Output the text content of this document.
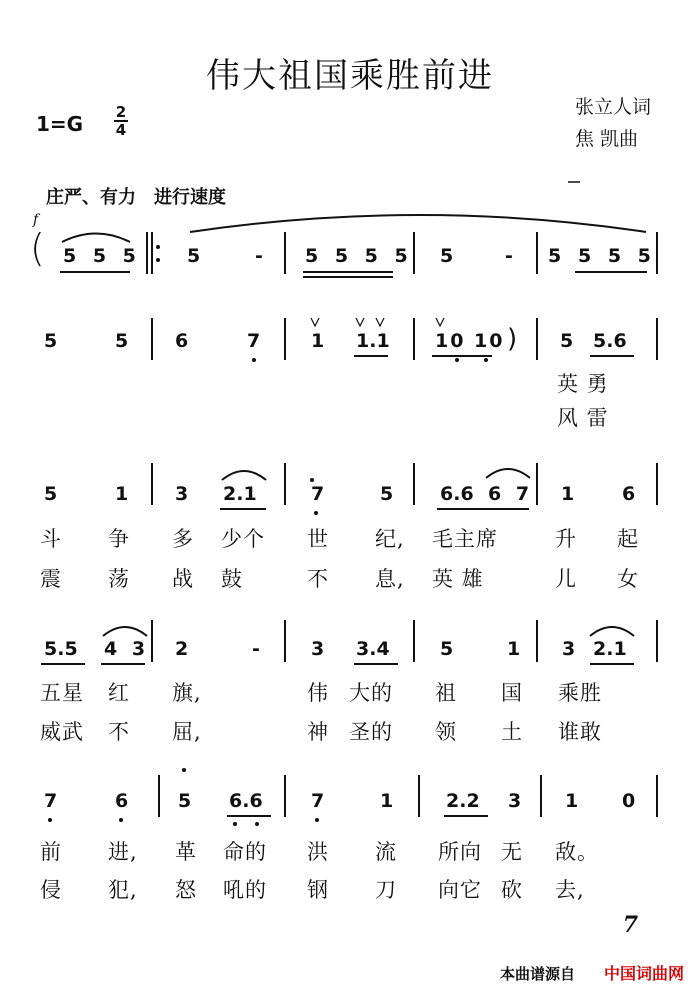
伟大祖国乘胜前进
1=G 2
4
张立人词
焦 凯曲
庄严、有力　进行速度
f
( 5 5 5 5	- 5 5 5 5 5	- 5 5 5 5
5	5 6	7	1 1.1 10 10 ) 5 5.6
英 勇
风 雷
5	1 3 2.1	7	5 6.6 6 7 1	6
斗 争 多 少个 世 纪, 毛主席	升 起
震 荡 战 鼓	不 息, 英 雄	儿 女
5.5 4 3 2	-	3 3.4	5	1 3 2.1
五星 红 旗,	伟 大的 祖 国 乘胜
威武 不 屈,	神 圣的 领 土 谁敢
7	6	5 6.6	7	1	2.2 3 1 0
前 进, 革 命的 洪 流 所向 无 敌。
侵 犯, 怒 吼的 钢 刀 向它 砍 去,
7
本曲谱源自 中国词曲网
